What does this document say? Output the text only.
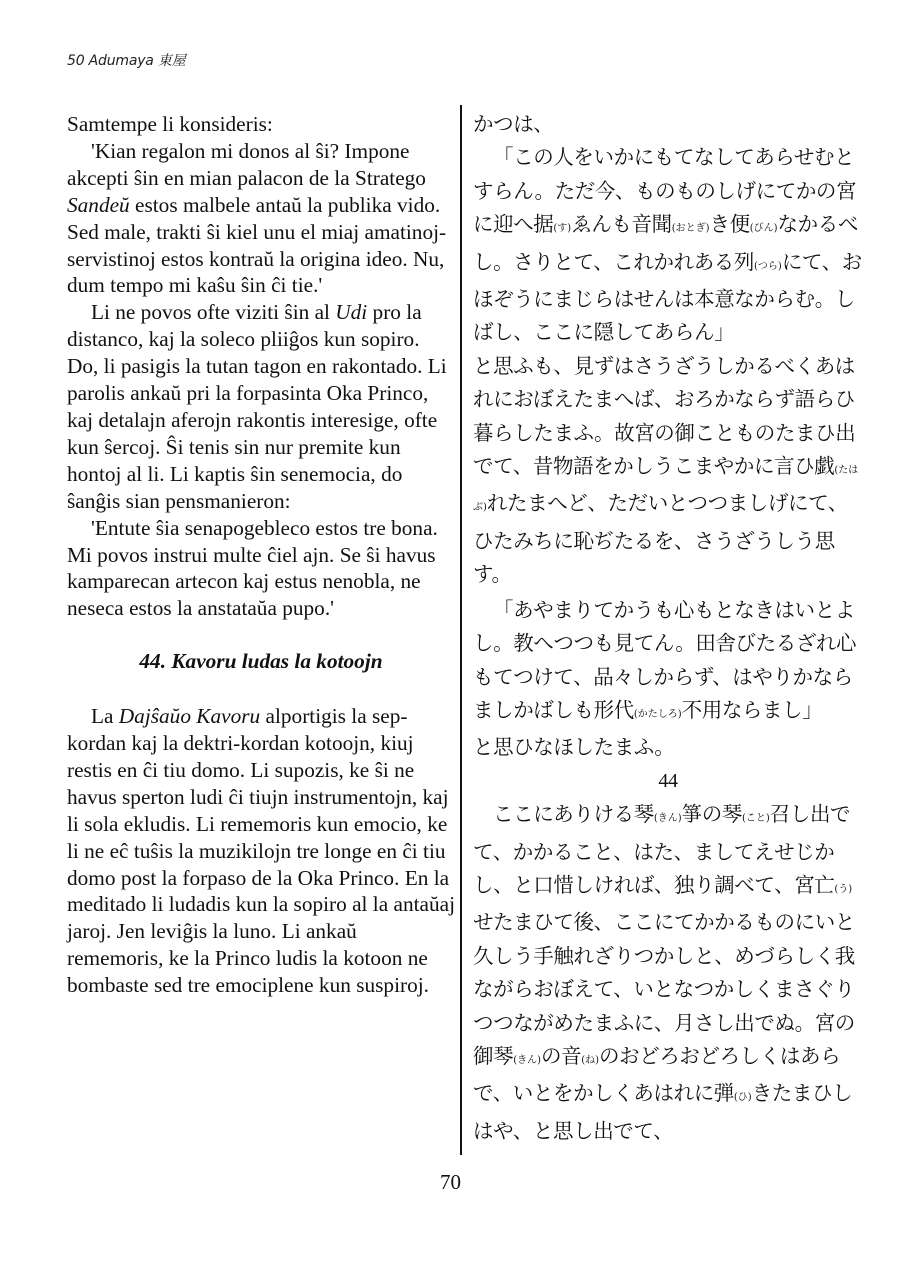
50 Adumaya 東屋

Samtempe li konsideris:

'Kian regalon mi donos al ŝi? Impone akcepti ŝin en mian palacon de la Stratego Sandeŭ estos malbele antaŭ la publika vido. Sed male, trakti ŝi kiel unu el miaj amatinoj-servistinoj estos kontraŭ la origina ideo. Nu, dum tempo mi kaŝu ŝin ĉi tie.'

Li ne povos ofte viziti ŝin al Udi pro la distanco, kaj la soleco pliiĝos kun sopiro. Do, li pasigis la tutan tagon en rakontado. Li parolis ankaŭ pri la forpasinta Oka Princo, kaj detalajn aferojn rakontis interesige, ofte kun ŝercoj. Ŝi tenis sin nur premite kun hontoj al li. Li kaptis ŝin senemocia, do ŝanĝis sian pensmanieron:

'Entute ŝia senapogebleco estos tre bona. Mi povos instrui multe ĉiel ajn. Se ŝi havus kamparecan artecon kaj estus nenobla, ne neseca estos la anstataŭa pupo.'

44. Kavoru ludas la kotoojn

La Dajŝaŭo Kavoru alportigis la sep-kordan kaj la dektri-kordan kotoojn, kiuj restis en ĉi tiu domo. Li supozis, ke ŝi ne havus sperton ludi ĉi tiujn instrumentojn, kaj li sola ekludis. Li rememoris kun emocio, ke li ne eĉ tuŝis la muzikilojn tre longe en ĉi tiu domo post la forpaso de la Oka Princo. En la meditado li ludadis kun la sopiro al la antaŭaj jaroj. Jen leviĝis la luno. Li ankaŭ rememoris, ke la Princo ludis la kotoon ne bombaste sed tre emociplene kun suspiroj.

かつは、

「この人をいかにもてなしてあらせむとすらん。ただ今、ものものしげにてかの宮に迎へ据(す)ゑんも音聞(おとぎ)き便(びん)なかるべし。さりとて、これかれある列(つら)にて、おほぞうにまじらはせんは本意なからむ。しばし、ここに隠してあらん」

と思ふも、見ずはさうざうしかるべくあはれにおぼえたまへば、おろかならず語らひ暮らしたまふ。故宮の御ことものたまひ出でて、昔物語をかしうこまやかに言ひ戯(たはぶ)れたまへど、ただいとつつましげにて、ひたみちに恥ぢたるを、さうざうしう思す。

「あやまりてかうも心もとなきはいとよし。教へつつも見てん。田舎びたるざれ心もてつけて、品々しからず、はやりかならましかばしも形代(かたしろ)不用ならまし」

と思ひなほしたまふ。

44

ここにありける琴(きん)箏の琴(こと)召し出でて、かかること、はた、ましてえせじかし、と口惜しければ、独り調べて、宮亡(う)せたまひて後、ここにてかかるものにいと久しう手触れざりつかしと、めづらしく我ながらおぼえて、いとなつかしくまさぐりつつながめたまふに、月さし出でぬ。宮の御琴(きん)の音(ね)のおどろおどろしくはあらで、いとをかしくあはれに弾(ひ)きたまひしはや、と思し出でて、

70
